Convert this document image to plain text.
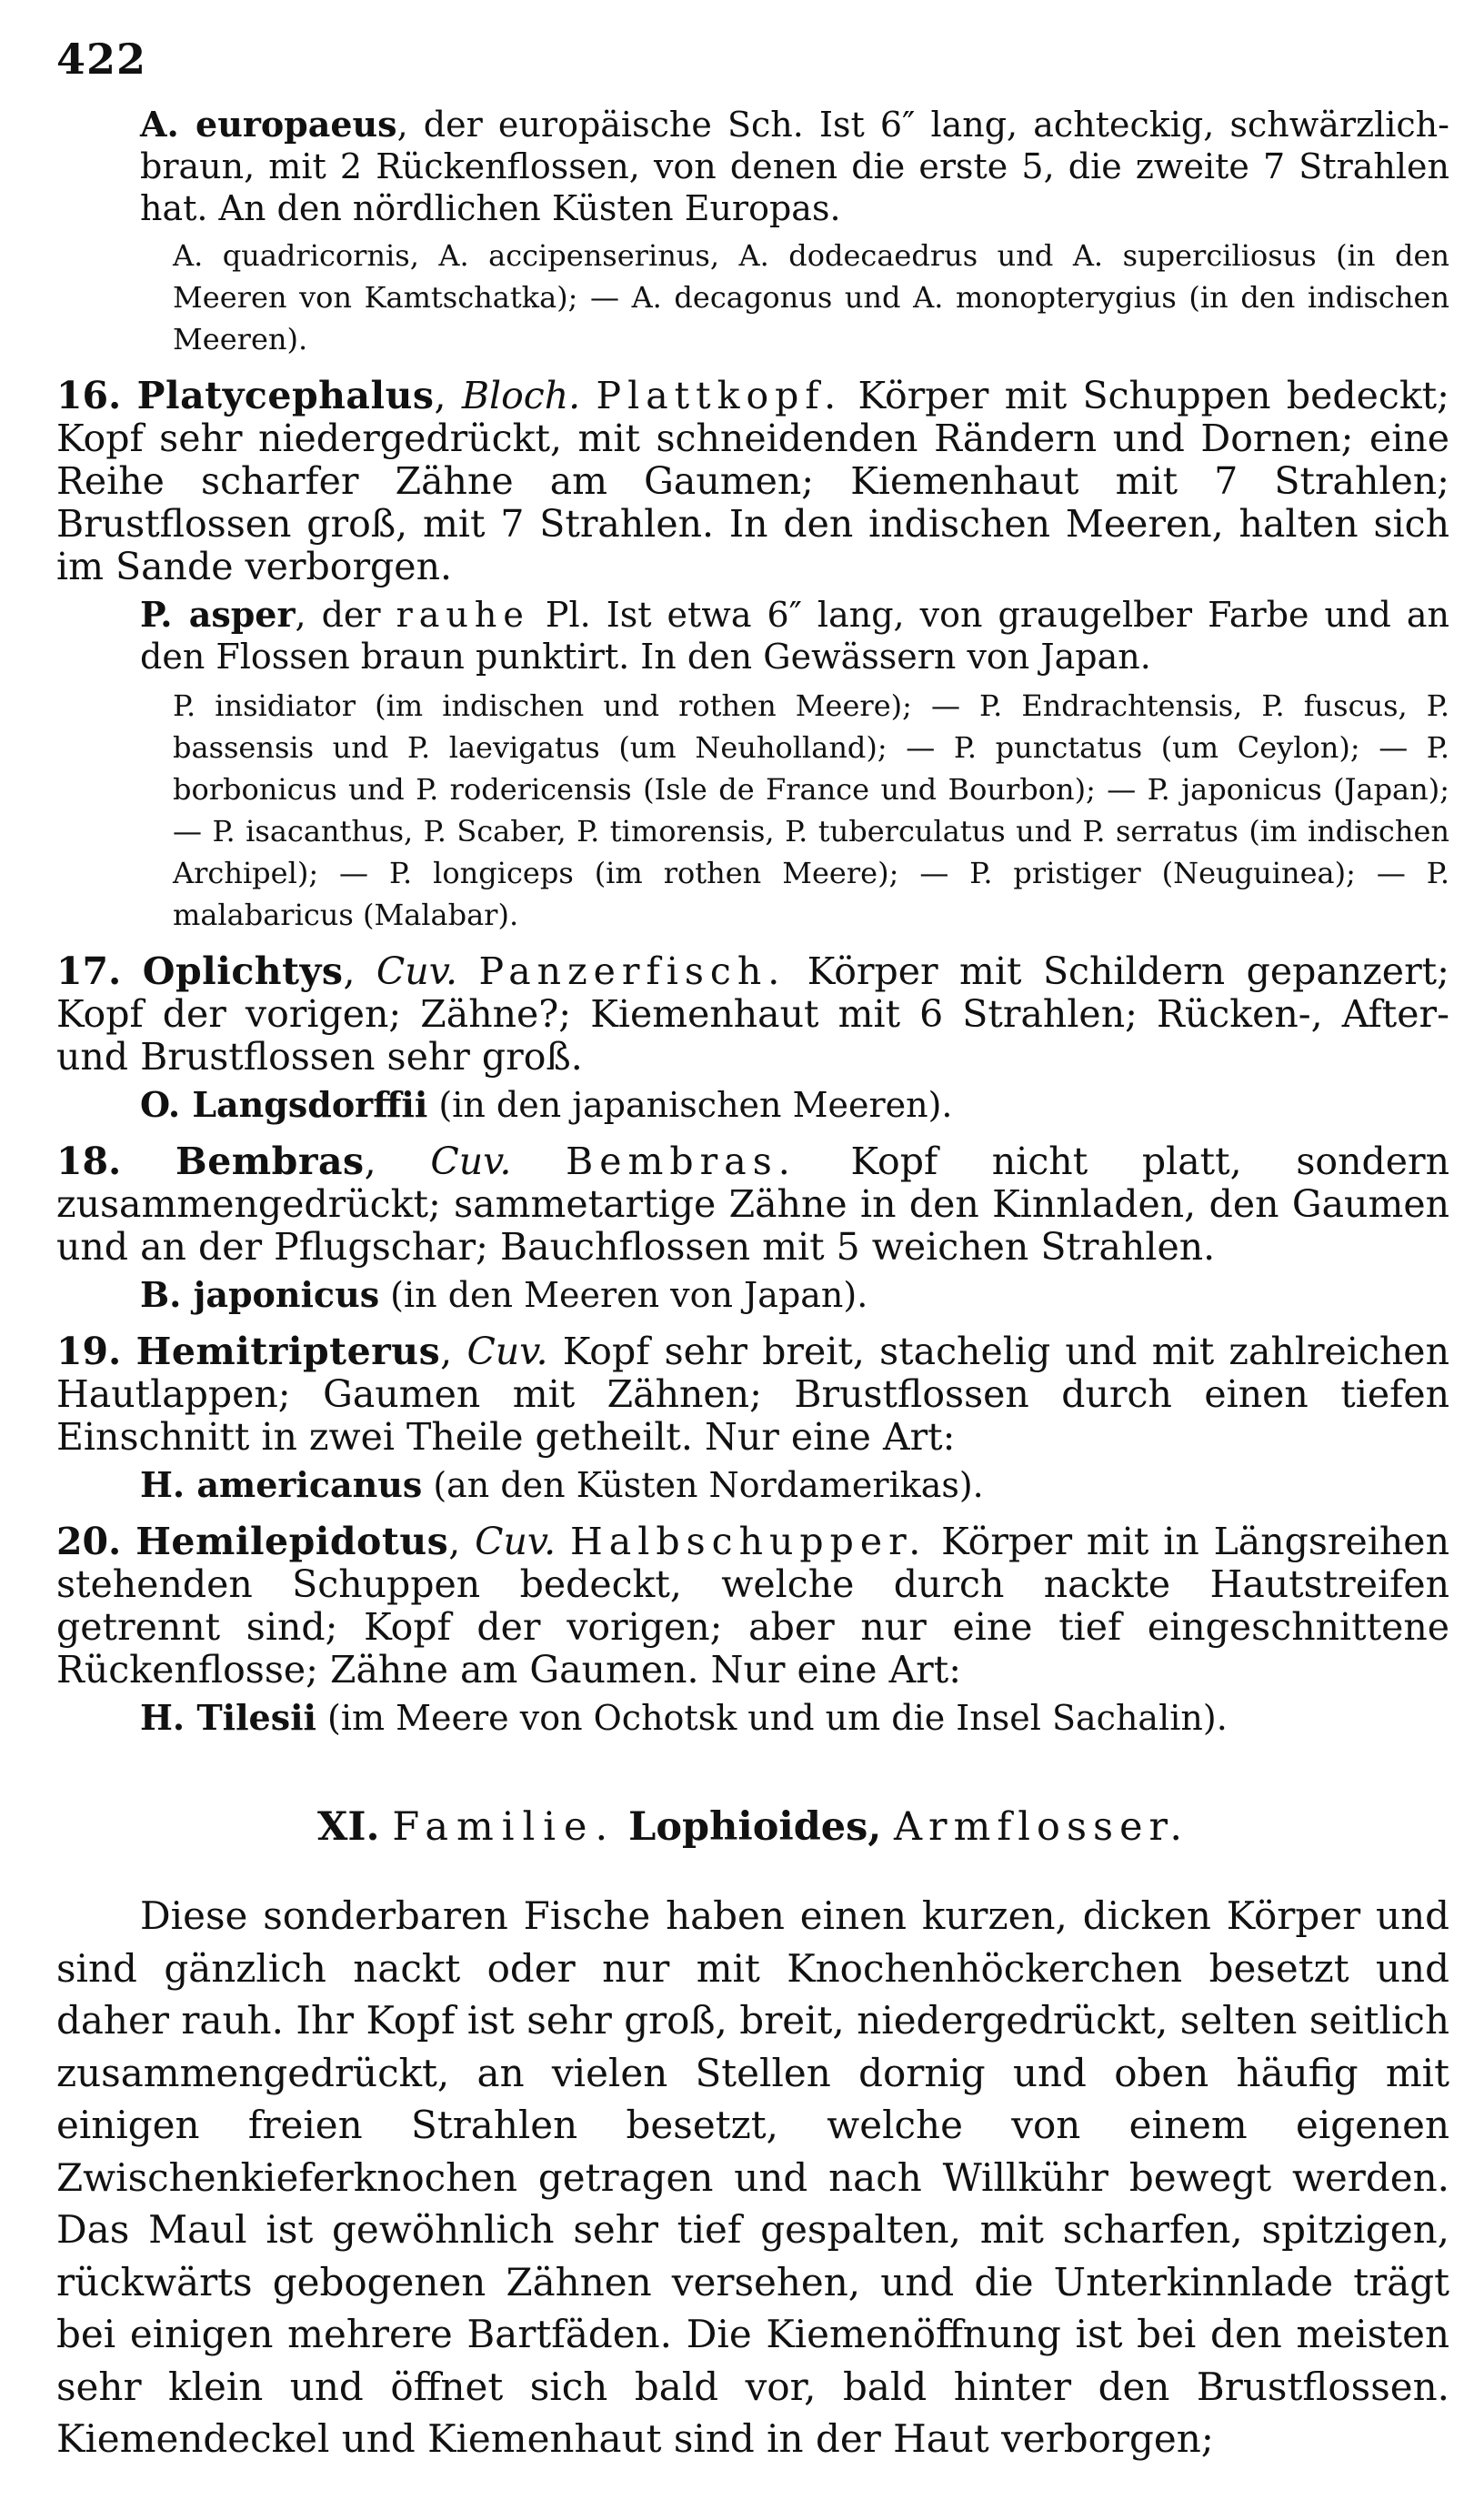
422

A. europaeus, der europäische Sch. Ist 6″ lang, achteckig, schwärzlich-braun, mit 2 Rückenflossen, von denen die erste 5, die zweite 7 Strahlen hat. An den nördlichen Küsten Europas.

A. quadricornis, A. accipenserinus, A. dodecaedrus und A. superciliosus (in den Meeren von Kamtschatka); — A. decagonus und A. monopterygius (in den indischen Meeren).

16. Platycephalus, Bloch. Plattkopf. Körper mit Schuppen bedeckt; Kopf sehr niedergedrückt, mit schneidenden Rändern und Dornen; eine Reihe scharfer Zähne am Gaumen; Kiemenhaut mit 7 Strahlen; Brustflossen groß, mit 7 Strahlen. In den indischen Meeren, halten sich im Sande verborgen.

P. asper, der rauhe Pl. Ist etwa 6″ lang, von graugelber Farbe und an den Flossen braun punktirt. In den Gewässern von Japan.

P. insidiator (im indischen und rothen Meere); — P. Endrachtensis, P. fuscus, P. bassensis und P. laevigatus (um Neuholland); — P. punctatus (um Ceylon); — P. borbonicus und P. rodericensis (Isle de France und Bourbon); — P. japonicus (Japan); — P. isacanthus, P. Scaber, P. timorensis, P. tuberculatus und P. serratus (im indischen Archipel); — P. longiceps (im rothen Meere); — P. pristiger (Neuguinea); — P. malabaricus (Malabar).

17. Oplichtys, Cuv. Panzerfisch. Körper mit Schildern gepanzert; Kopf der vorigen; Zähne?; Kiemenhaut mit 6 Strahlen; Rücken-, After- und Brustflossen sehr groß.

O. Langsdorffii (in den japanischen Meeren).

18. Bembras, Cuv. Bembras. Kopf nicht platt, sondern zusammengedrückt; sammetartige Zähne in den Kinnladen, den Gaumen und an der Pflugschar; Bauchflossen mit 5 weichen Strahlen.

B. japonicus (in den Meeren von Japan).

19. Hemitripterus, Cuv. Kopf sehr breit, stachelig und mit zahlreichen Hautlappen; Gaumen mit Zähnen; Brustflossen durch einen tiefen Einschnitt in zwei Theile getheilt. Nur eine Art:

H. americanus (an den Küsten Nordamerikas).

20. Hemilepidotus, Cuv. Halbschupper. Körper mit in Längsreihen stehenden Schuppen bedeckt, welche durch nackte Hautstreifen getrennt sind; Kopf der vorigen; aber nur eine tief eingeschnittene Rückenflosse; Zähne am Gaumen. Nur eine Art:

H. Tilesii (im Meere von Ochotsk und um die Insel Sachalin).

XI. Familie. Lophioides, Armflosser.

Diese sonderbaren Fische haben einen kurzen, dicken Körper und sind gänzlich nackt oder nur mit Knochenhöckerchen besetzt und daher rauh. Ihr Kopf ist sehr groß, breit, niedergedrückt, selten seitlich zusammengedrückt, an vielen Stellen dornig und oben häufig mit einigen freien Strahlen besetzt, welche von einem eigenen Zwischenkieferknochen getragen und nach Willkühr bewegt werden. Das Maul ist gewöhnlich sehr tief gespalten, mit scharfen, spitzigen, rückwärts gebogenen Zähnen versehen, und die Unterkinnlade trägt bei einigen mehrere Bartfäden. Die Kiemenöffnung ist bei den meisten sehr klein und öffnet sich bald vor, bald hinter den Brustflossen. Kiemendeckel und Kiemenhaut sind in der Haut verborgen;
